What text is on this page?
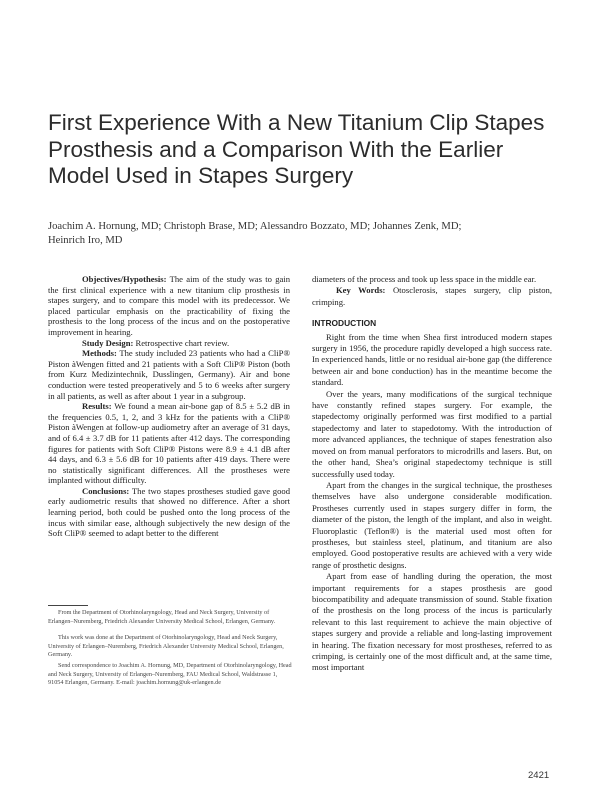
First Experience With a New Titanium Clip Stapes Prosthesis and a Comparison With the Earlier Model Used in Stapes Surgery
Joachim A. Hornung, MD; Christoph Brase, MD; Alessandro Bozzato, MD; Johannes Zenk, MD;
Heinrich Iro, MD

Objectives/Hypothesis: The aim of the study was to gain the first clinical experience with a new titanium clip prosthesis in stapes surgery, and to compare this model with its predecessor. We placed particular emphasis on the practicability of fixing the prosthesis to the long process of the incus and on the postoperative improvement in hearing.

Study Design: Retrospective chart review.

Methods: The study included 23 patients who had a CliP® Piston àWengen fitted and 21 patients with a Soft CliP® Piston (both from Kurz Medizintechnik, Dusslingen, Germany). Air and bone conduction were tested preoperatively and 5 to 6 weeks after surgery in all patients, as well as after about 1 year in a subgroup.

Results: We found a mean air-bone gap of 8.5 ± 5.2 dB in the frequencies 0.5, 1, 2, and 3 kHz for the patients with a CliP® Piston àWengen at follow-up audiometry after an average of 31 days, and of 6.4 ± 3.7 dB for 11 patients after 412 days. The corresponding figures for patients with Soft CliP® Pistons were 8.9 ± 4.1 dB after 44 days, and 6.3 ± 5.6 dB for 10 patients after 419 days. There were no statistically significant differences. All the prostheses were implanted without difficulty.

Conclusions: The two stapes prostheses studied gave good early audiometric results that showed no difference. After a short learning period, both could be pushed onto the long process of the incus with similar ease, although subjectively the new design of the Soft CliP® seemed to adapt better to the different

diameters of the process and took up less space in the middle ear.

Key Words: Otosclerosis, stapes surgery, clip piston, crimping.

INTRODUCTION

Right from the time when Shea first introduced modern stapes surgery in 1956, the procedure rapidly developed a high success rate. In experienced hands, little or no residual air-bone gap (the difference between air and bone conduction) has in the meantime become the standard.

Over the years, many modifications of the surgical technique have constantly refined stapes surgery. For example, the stapedectomy originally performed was first modified to a partial stapedectomy and later to stapedotomy. With the introduction of more advanced appliances, the technique of stapes fenestration also moved on from manual perforators to microdrills and lasers. But, on the other hand, Shea’s original stapedectomy technique is still successfully used today.

Apart from the changes in the surgical technique, the prostheses themselves have also undergone considerable modification. Prostheses currently used in stapes surgery differ in form, the diameter of the piston, the length of the implant, and also in weight. Fluoroplastic (Teflon®) is the material used most often for prostheses, but stainless steel, platinum, and titanium are also employed. Good postoperative results are achieved with a very wide range of prosthetic designs.

Apart from ease of handling during the operation, the most important requirements for a stapes prosthesis are good biocompatibility and adequate transmission of sound. Stable fixation of the prosthesis on the long process of the incus is particularly relevant to this last requirement to achieve the main objective of stapes surgery and provide a reliable and long-lasting improvement in hearing. The fixation necessary for most prostheses, referred to as crimping, is certainly one of the most difficult and, at the same time, most important

From the Department of Otorhinolaryngology, Head and Neck Surgery, University of Erlangen–Nuremberg, Friedrich Alexander University Medical School, Erlangen, Germany.

This work was done at the Department of Otorhinolaryngology, Head and Neck Surgery, University of Erlangen–Nuremberg, Friedrich Alexander University Medical School, Erlangen, Germany.

Send correspondence to Joachim A. Hornung, MD, Department of Otorhinolaryngology, Head and Neck Surgery, University of Erlangen–Nuremberg, FAU Medical School, Waldstrasse 1, 91054 Erlangen, Germany. E-mail: joachim.hornung@uk-erlangen.de

2421
